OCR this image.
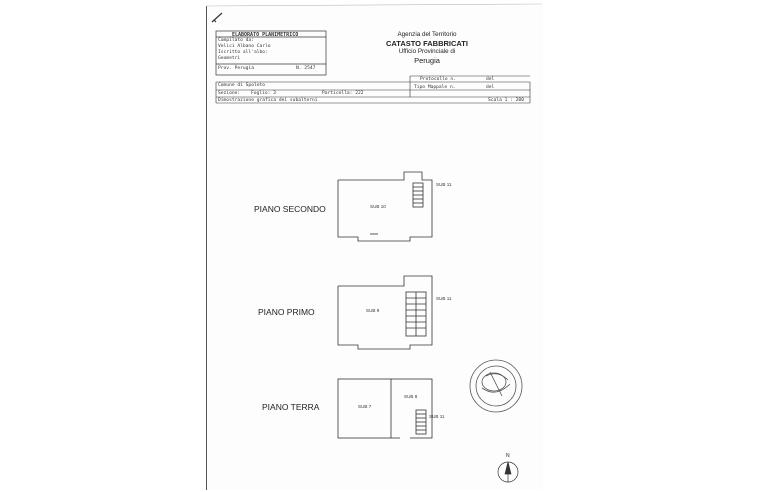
ELABORATO PLANIMETRICO
Compilato da:
Velici Albano Carlo
Iscritto all'albo:
Geometri
Prov. Perugia	N. 2547
Agenzia del Territorio
CATASTO FABBRICATI
Ufficio Provinciale di
Perugia
Protocollo n.	del
Tipo Mappale n.	del
Comune di Spoleto
Sezione: Foglio: 3	Particella: 222
Dimostrazione grafica dei subalterni	Scala 1 : 200
PIANO SECONDO
PIANO PRIMO
PIANO TERRA
SUB 10
SUB 11
SUB 9
SUB 11
SUB 7
SUB 8
SUB 11
N
